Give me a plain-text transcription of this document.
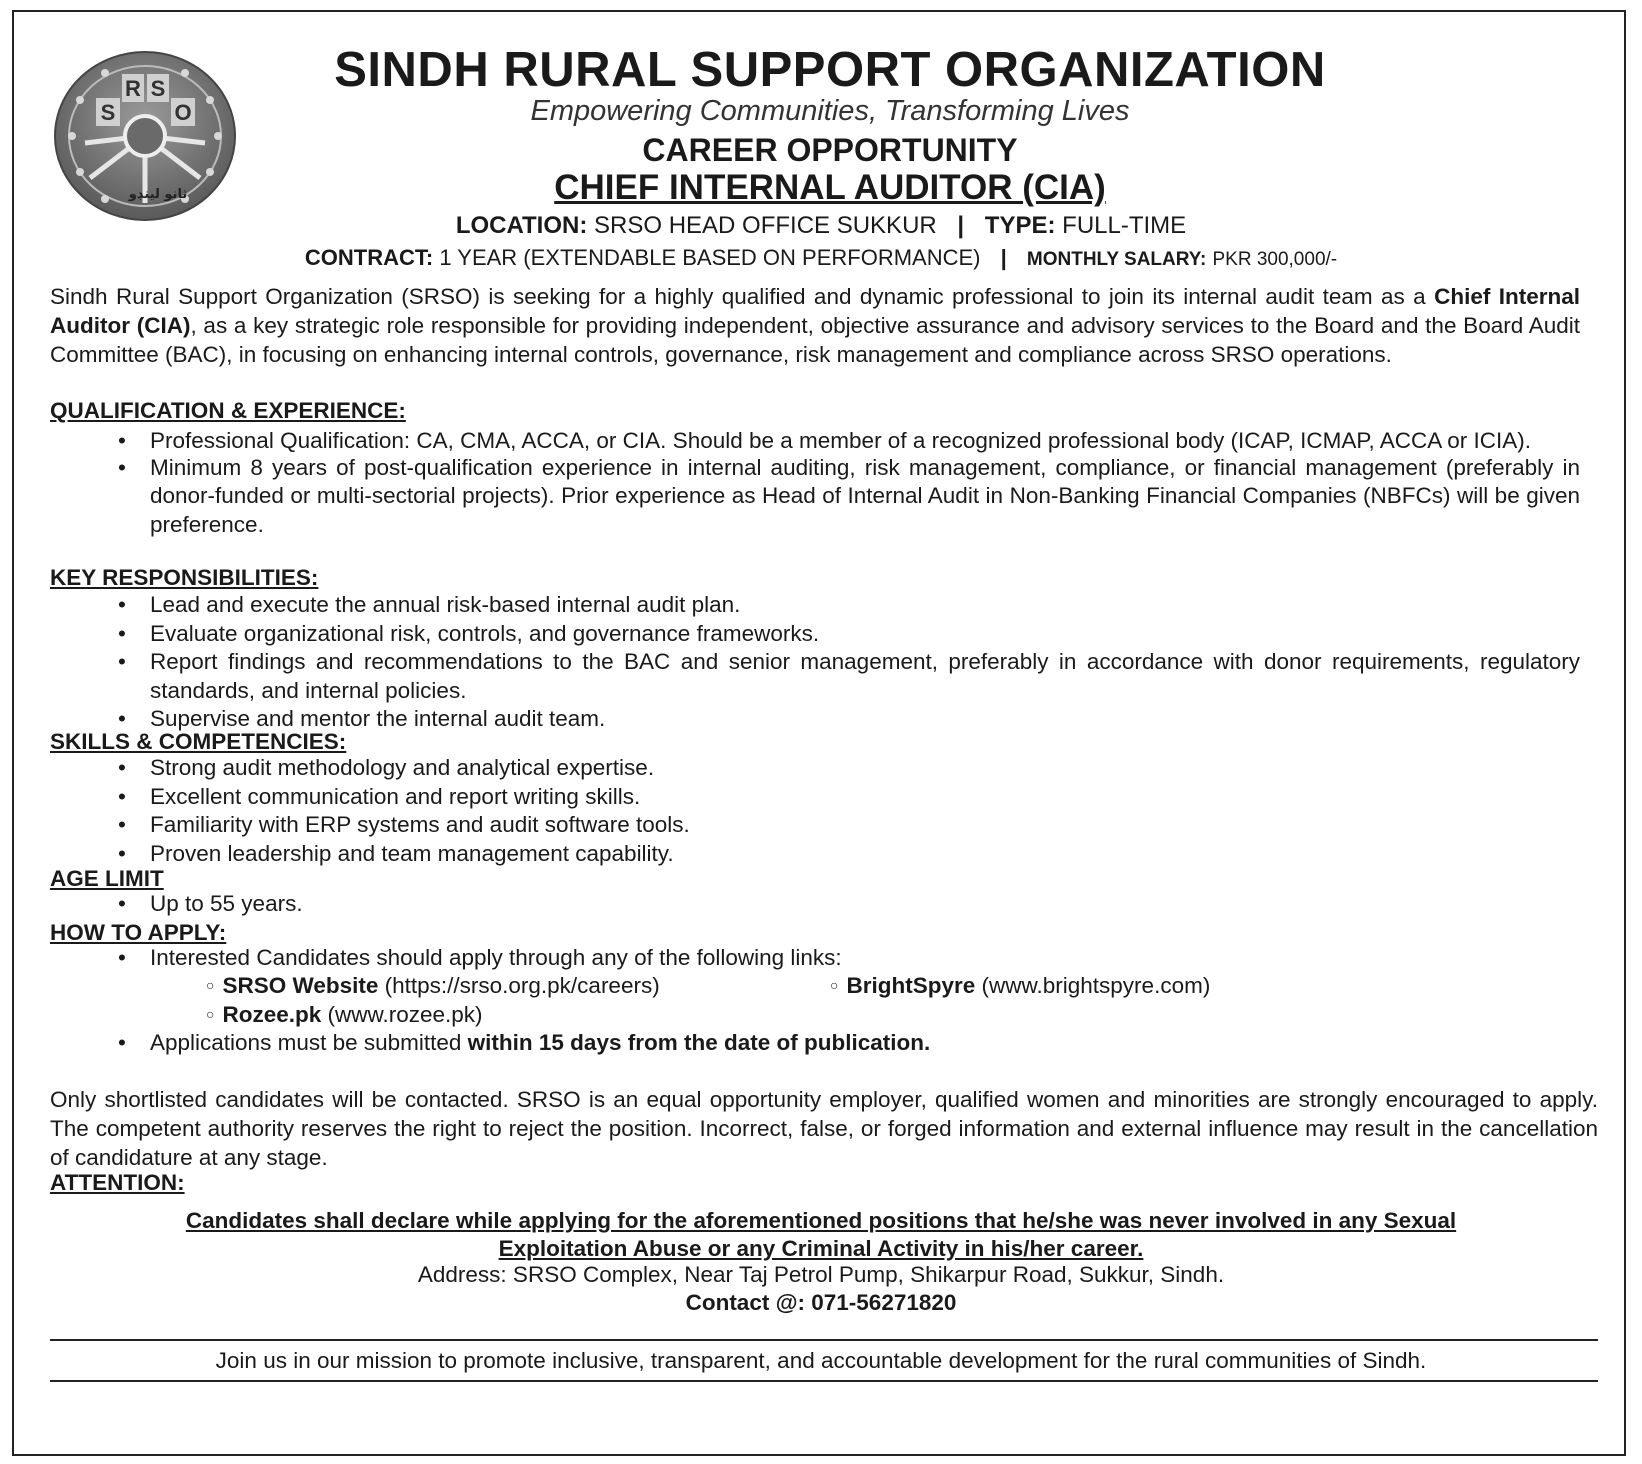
S
R S
O
ثانو لينڊو
SINDH RURAL SUPPORT ORGANIZATION
Empowering Communities, Transforming Lives
CAREER OPPORTUNITY
CHIEF INTERNAL AUDITOR (CIA)
LOCATION: SRSO HEAD OFFICE SUKKUR | TYPE: FULL-TIME
CONTRACT: 1 YEAR (EXTENDABLE BASED ON PERFORMANCE) | MONTHLY SALARY: PKR 300,000/-
Sindh Rural Support Organization (SRSO) is seeking for a highly qualified and dynamic professional to join its internal audit team as a Chief Internal Auditor (CIA), as a key strategic role responsible for providing independent, objective assurance and advisory services to the Board and the Board Audit Committee (BAC), in focusing on enhancing internal controls, governance, risk management and compliance across SRSO operations.
QUALIFICATION & EXPERIENCE:
• Professional Qualification: CA, CMA, ACCA, or CIA. Should be a member of a recognized professional body (ICAP, ICMAP, ACCA or ICIA).
• Minimum 8 years of post-qualification experience in internal auditing, risk management, compliance, or financial management (preferably in donor-funded or multi-sectorial projects). Prior experience as Head of Internal Audit in Non-Banking Financial Companies (NBFCs) will be given preference.
KEY RESPONSIBILITIES:
• Lead and execute the annual risk-based internal audit plan.
• Evaluate organizational risk, controls, and governance frameworks.
• Report findings and recommendations to the BAC and senior management, preferably in accordance with donor requirements, regulatory standards, and internal policies.
• Supervise and mentor the internal audit team.
SKILLS & COMPETENCIES:
• Strong audit methodology and analytical expertise.
• Excellent communication and report writing skills.
• Familiarity with ERP systems and audit software tools.
• Proven leadership and team management capability.
AGE LIMIT
• Up to 55 years.
HOW TO APPLY:
• Interested Candidates should apply through any of the following links:
○ SRSO Website (https://srso.org.pk/careers)
○	BrightSpyre (www.brightspyre.com)
○ Rozee.pk (www.rozee.pk)
• Applications must be submitted within 15 days from the date of publication.
Only shortlisted candidates will be contacted. SRSO is an equal opportunity employer, qualified women and minorities are strongly encouraged to apply. The competent authority reserves the right to reject the position. Incorrect, false, or forged information and external influence may result in the cancellation of candidature at any stage.
ATTENTION:
Candidates shall declare while applying for the aforementioned positions that he/she was never involved in any Sexual
Exploitation Abuse or any Criminal Activity in his/her career.
Address: SRSO Complex, Near Taj Petrol Pump, Shikarpur Road, Sukkur, Sindh.
Contact @: 071-56271820
Join us in our mission to promote inclusive, transparent, and accountable development for the rural communities of Sindh.
